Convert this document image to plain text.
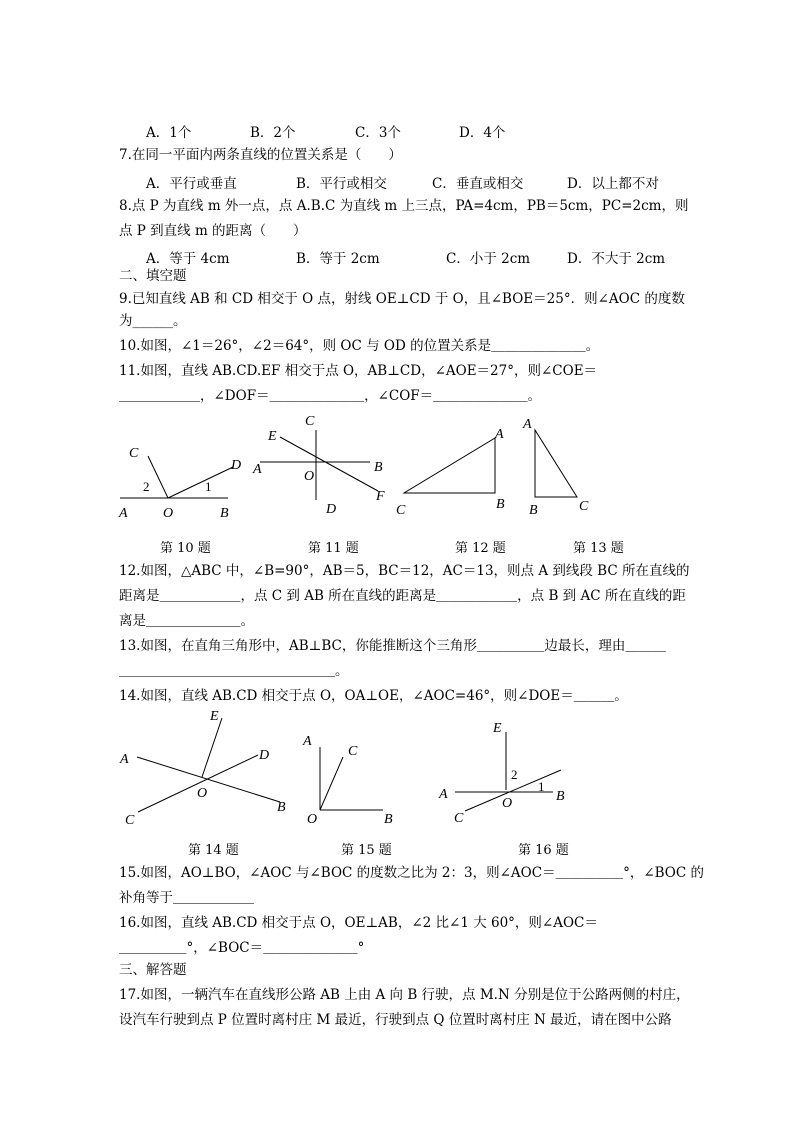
A．1个	B．2个	C．3个	D．4个
7.在同一平面内两条直线的位置关系是（　　）
A．平行或垂直	B．平行或相交	C．垂直或相交	D．以上都不对
8.点 P 为直线 m 外一点，点 A.B.C 为直线 m 上三点，PA=4cm，PB＝5cm，PC=2cm，则
点 P 到直线 m 的距离（　　）
A．等于 4cm	B．等于 2cm	C．小于 2cm	D．不大于 2cm
二、填空题
9.已知直线 AB 和 CD 相交于 O 点，射线 OE⊥CD 于 O，且∠BOE＝25°．则∠AOC 的度数
为______。
10.如图，∠1＝26°，∠2＝64°，则 OC 与 OD 的位置关系是＿＿＿＿＿＿＿。
11.如图，直线 AB.CD.EF 相交于点 O，AB⊥CD，∠AOE＝27°，则∠COE＝
＿＿＿＿＿＿，∠DOF＝＿＿＿＿＿＿＿，∠COF＝＿＿＿＿＿＿＿。
C
D
2	1
A	O	B
C
E
A	O
B
D
F
A
B
C
A
B	C
第 10 题	第 11 题	第 12 题	第 13 题
12.如图，△ABC 中，∠B=90°，AB＝5，BC＝12，AC＝13，则点 A 到线段 BC 所在直线的
距离是＿＿＿＿＿＿，点 C 到 AB 所在直线的距离是＿＿＿＿＿＿，点 B 到 AC 所在直线的距
离是＿＿＿＿＿＿＿。
13.如图，在直角三角形中，AB⊥BC，你能推断这个三角形＿＿＿＿＿边最长，理由＿＿＿
＿＿＿＿＿＿＿＿＿＿＿＿＿＿＿＿。
14.如图，直线 AB.CD 相交于点 O，OA⊥OE，∠AOC=46°，则∠DOE＝＿＿＿。
E
D
A
O
B
C
A
C
O	B
E
2
A
O
1
B
C
第 14 题	第 15 题	第 16 题
15.如图，AO⊥BO，∠AOC 与∠BOC 的度数之比为 2：3，则∠AOC＝＿＿＿＿＿°，∠BOC 的
补角等于＿＿＿＿＿＿
16.如图，直线 AB.CD 相交于点 O，OE⊥AB，∠2 比∠1 大 60°，则∠AOC＝
＿＿＿＿＿°，∠BOC＝＿＿＿＿＿＿＿°
三、解答题
17.如图，一辆汽车在直线形公路 AB 上由 A 向 B 行驶，点 M.N 分别是位于公路两侧的村庄，
设汽车行驶到点 P 位置时离村庄 M 最近，行驶到点 Q 位置时离村庄 N 最近，请在图中公路
